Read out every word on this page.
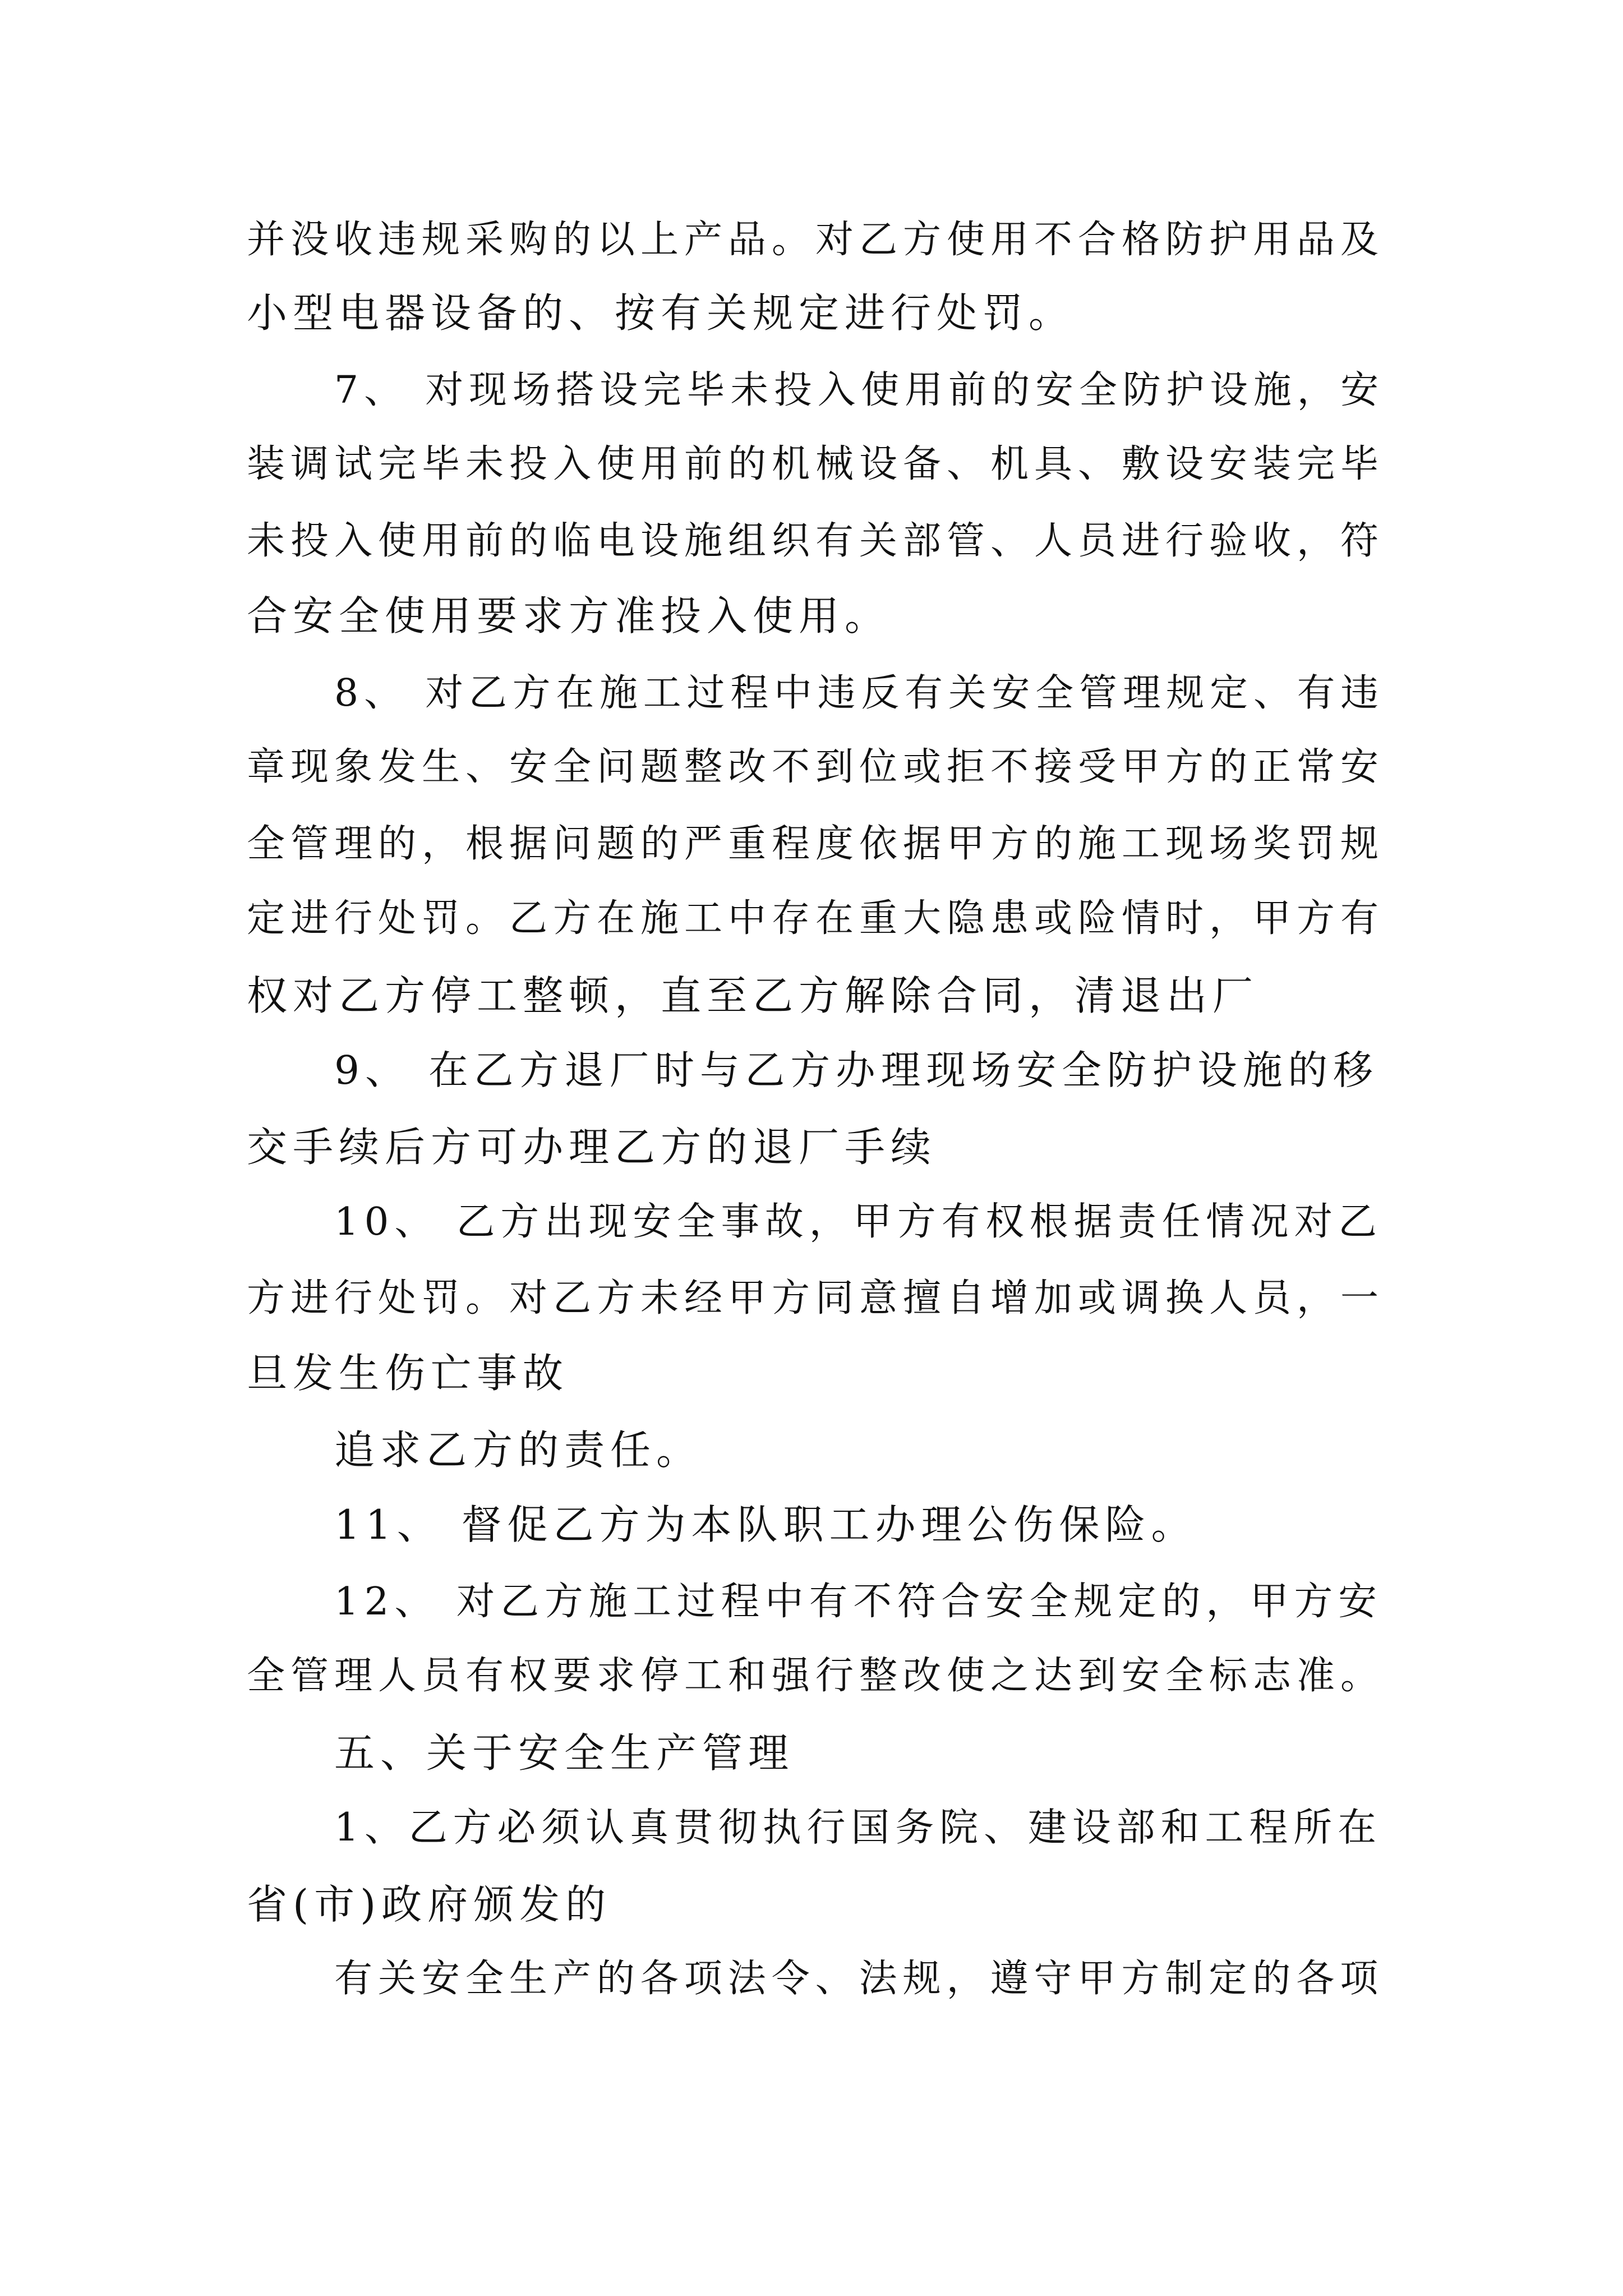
并没收违规采购的以上产品。对乙方使用不合格防护用品及
小型电器设备的、按有关规定进行处罚。
7、 对现场搭设完毕未投入使用前的安全防护设施，安
装调试完毕未投入使用前的机械设备、机具、敷设安装完毕
未投入使用前的临电设施组织有关部管、人员进行验收，符
合安全使用要求方准投入使用。
8、 对乙方在施工过程中违反有关安全管理规定、有违
章现象发生、安全问题整改不到位或拒不接受甲方的正常安
全管理的，根据问题的严重程度依据甲方的施工现场奖罚规
定进行处罚。乙方在施工中存在重大隐患或险情时，甲方有
权对乙方停工整顿，直至乙方解除合同，清退出厂
9、 在乙方退厂时与乙方办理现场安全防护设施的移
交手续后方可办理乙方的退厂手续
10、 乙方出现安全事故，甲方有权根据责任情况对乙
方进行处罚。对乙方未经甲方同意擅自增加或调换人员，一
旦发生伤亡事故
追求乙方的责任。
11、 督促乙方为本队职工办理公伤保险。
12、 对乙方施工过程中有不符合安全规定的，甲方安
全管理人员有权要求停工和强行整改使之达到安全标志准。
五、关于安全生产管理
1、乙方必须认真贯彻执行国务院、建设部和工程所在
省(市)政府颁发的
有关安全生产的各项法令、法规，遵守甲方制定的各项
